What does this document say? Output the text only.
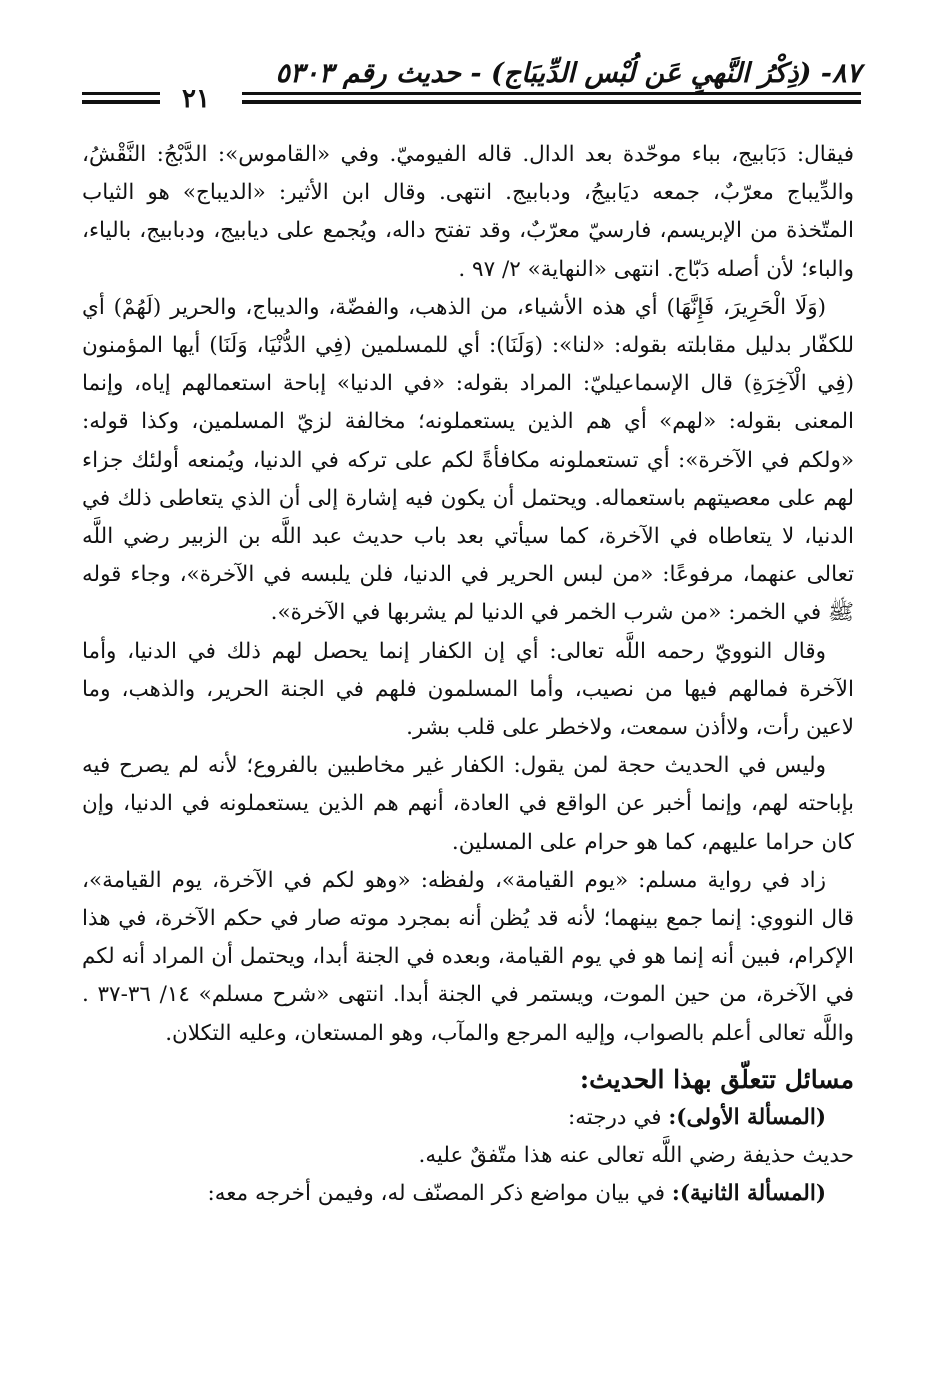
٨٧- (ذِكْرُ النَّهيِ عَن لُبْس الدِّيبَاج) - حديث رقم ٥٣٠٣
٢١

فيقال: دَبَابيج، بباء موحّدة بعد الدال. قاله الفيوميّ. وفي «القاموس»: الدَّبْجُ: النَّقْشُ، والدِّيباج معرّبٌ، جمعه ديَابيجُ، ودبابيج. انتهى. وقال ابن الأثير: «الديباج» هو الثياب المتّخذة من الإبريسم، فارسيّ معرّبٌ، وقد تفتح داله، ويُجمع على ديابيج، ودبابيج، بالياء، والباء؛ لأن أصله دَبّاج. انتهى «النهاية» ٢/ ٩٧ .

(وَلَا الْحَرِيرَ، فَإِنَّهَا) أي هذه الأشياء، من الذهب، والفضّة، والديباج، والحرير (لَهُمْ) أي للكفّار بدليل مقابلته بقوله: «لنا»: (وَلَنَا): أي للمسلمين (فِي الدُّنْيَا، وَلَنَا) أيها المؤمنون (فِي الْآخِرَةِ) قال الإسماعيليّ: المراد بقوله: «في الدنيا» إباحة استعمالهم إياه، وإنما المعنى بقوله: «لهم» أي هم الذين يستعملونه؛ مخالفة لزيّ المسلمين، وكذا قوله: «ولكم في الآخرة»: أي تستعملونه مكافأةً لكم على تركه في الدنيا، ويُمنعه أولئك جزاء لهم على معصيتهم باستعماله. ويحتمل أن يكون فيه إشارة إلى أن الذي يتعاطى ذلك في الدنيا، لا يتعاطاه في الآخرة، كما سيأتي بعد باب حديث عبد اللَّه بن الزبير رضي اللَّه تعالى عنهما، مرفوعًا: «من لبس الحرير في الدنيا، فلن يلبسه في الآخرة»، وجاء قوله ﷺ في الخمر: «من شرب الخمر في الدنيا لم يشربها في الآخرة».

وقال النوويّ رحمه اللَّه تعالى: أي إن الكفار إنما يحصل لهم ذلك في الدنيا، وأما الآخرة فمالهم فيها من نصيب، وأما المسلمون فلهم في الجنة الحرير، والذهب، وما لاعين رأت، ولاأذن سمعت، ولاخطر على قلب بشر.

وليس في الحديث حجة لمن يقول: الكفار غير مخاطبين بالفروع؛ لأنه لم يصرح فيه بإباحته لهم، وإنما أخبر عن الواقع في العادة، أنهم هم الذين يستعملونه في الدنيا، وإن كان حراما عليهم، كما هو حرام على المسلين.

زاد في رواية مسلم: «يوم القيامة»، ولفظه: «وهو لكم في الآخرة، يوم القيامة»، قال النووي: إنما جمع بينهما؛ لأنه قد يُظن أنه بمجرد موته صار في حكم الآخرة، في هذا الإكرام، فبين أنه إنما هو في يوم القيامة، وبعده في الجنة أبدا، ويحتمل أن المراد أنه لكم في الآخرة، من حين الموت، ويستمر في الجنة أبدا. انتهى «شرح مسلم» ١٤/ ٣٦-٣٧ . واللَّه تعالى أعلم بالصواب، وإليه المرجع والمآب، وهو المستعان، وعليه التكلان.

مسائل تتعلّق بهذا الحديث:

(المسألة الأولى): في درجته:

حديث حذيفة رضي اللَّه تعالى عنه هذا متّفقٌ عليه.

(المسألة الثانية): في بيان مواضع ذكر المصنّف له، وفيمن أخرجه معه:
